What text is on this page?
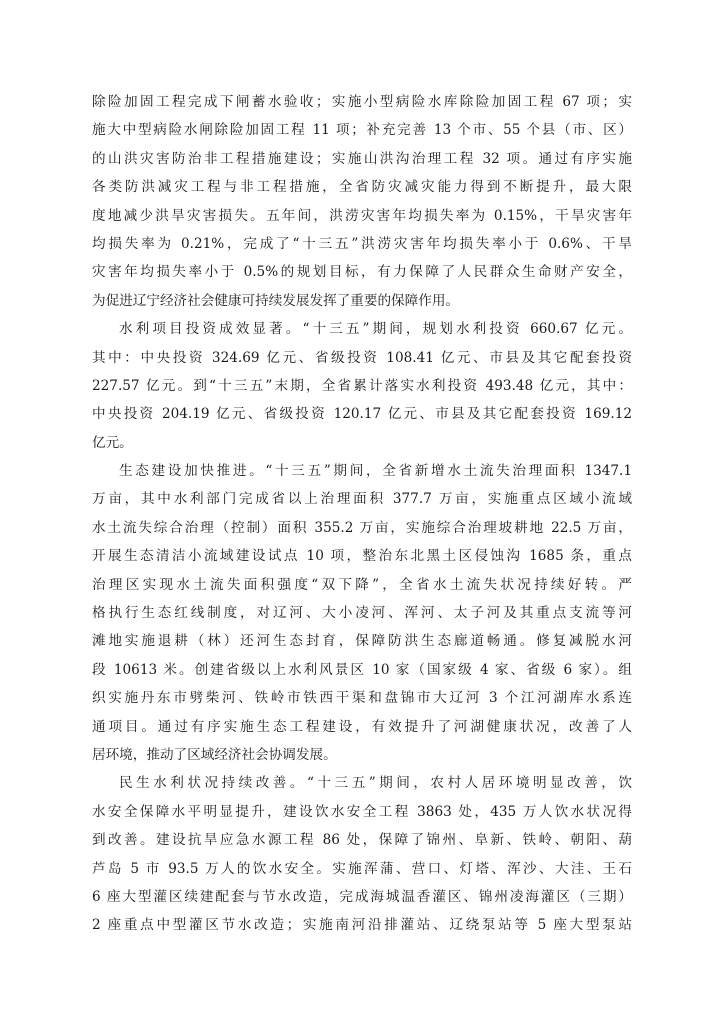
除险加固工程完成下闸蓄水验收；实施小型病险水库除险加固工程 67 项；实
施大中型病险水闸除险加固工程 11 项；补充完善 13 个市、55 个县（市、区）
的山洪灾害防治非工程措施建设；实施山洪沟治理工程 32 项。通过有序实施
各类防洪减灾工程与非工程措施，全省防灾减灾能力得到不断提升，最大限
度地减少洪旱灾害损失。五年间，洪涝灾害年均损失率为 0.15%，干旱灾害年
均损失率为 0.21%，完成了“十三五”洪涝灾害年均损失率小于 0.6%、干旱
灾害年均损失率小于 0.5%的规划目标，有力保障了人民群众生命财产安全，
为促进辽宁经济社会健康可持续发展发挥了重要的保障作用。
水利项目投资成效显著。“十三五”期间，规划水利投资 660.67 亿元。
其中：中央投资 324.69 亿元、省级投资 108.41 亿元、市县及其它配套投资
227.57 亿元。到“十三五”末期，全省累计落实水利投资 493.48 亿元，其中：
中央投资 204.19 亿元、省级投资 120.17 亿元、市县及其它配套投资 169.12
亿元。
生态建设加快推进。“十三五”期间，全省新增水土流失治理面积 1347.1
万亩，其中水利部门完成省以上治理面积 377.7 万亩，实施重点区域小流域
水土流失综合治理（控制）面积 355.2 万亩，实施综合治理坡耕地 22.5 万亩，
开展生态清洁小流域建设试点 10 项，整治东北黑土区侵蚀沟 1685 条，重点
治理区实现水土流失面积强度“双下降”，全省水土流失状况持续好转。严
格执行生态红线制度，对辽河、大小凌河、浑河、太子河及其重点支流等河
滩地实施退耕（林）还河生态封育，保障防洪生态廊道畅通。修复减脱水河
段 10613 米。创建省级以上水利风景区 10 家（国家级 4 家、省级 6 家）。组
织实施丹东市劈柴河、铁岭市铁西干渠和盘锦市大辽河 3 个江河湖库水系连
通项目。通过有序实施生态工程建设，有效提升了河湖健康状况，改善了人
居环境，推动了区域经济社会协调发展。
民生水利状况持续改善。“十三五”期间，农村人居环境明显改善，饮
水安全保障水平明显提升，建设饮水安全工程 3863 处，435 万人饮水状况得
到改善。建设抗旱应急水源工程 86 处，保障了锦州、阜新、铁岭、朝阳、葫
芦岛 5 市 93.5 万人的饮水安全。实施浑蒲、营口、灯塔、浑沙、大洼、王石
6 座大型灌区续建配套与节水改造，完成海城温香灌区、锦州凌海灌区（三期）
2 座重点中型灌区节水改造；实施南河沿排灌站、辽绕泵站等 5 座大型泵站
